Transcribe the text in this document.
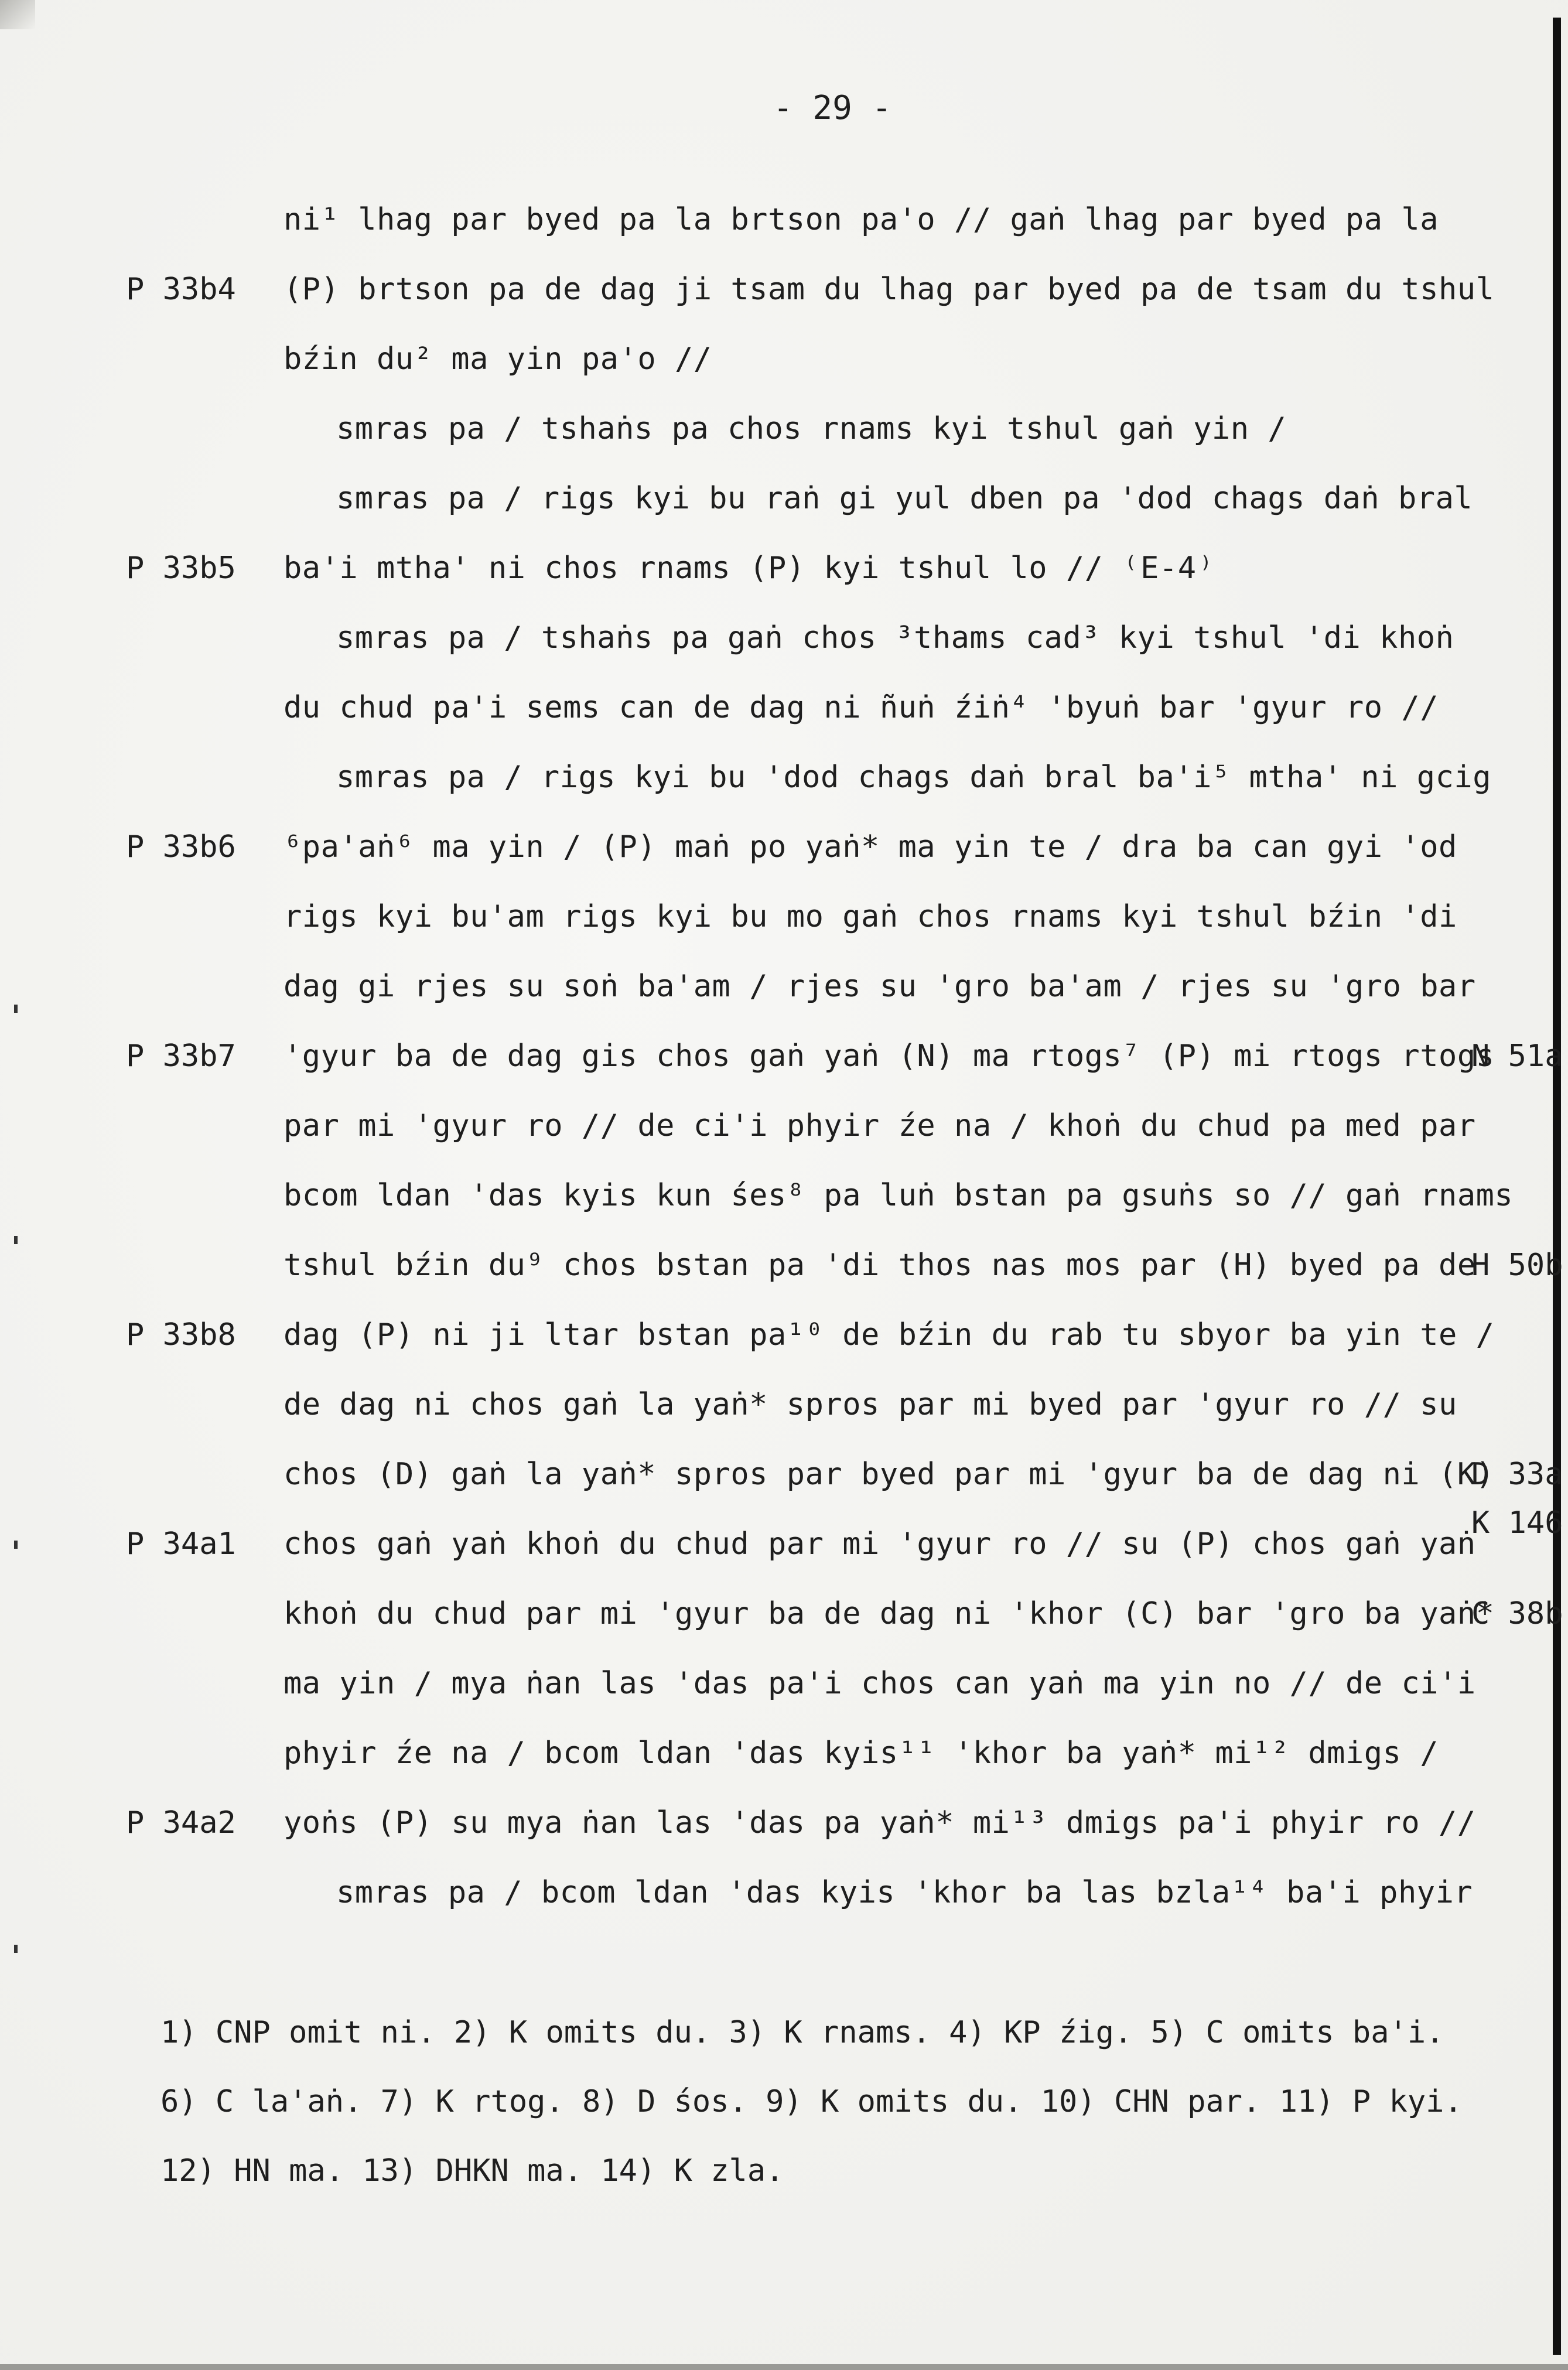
- 29 -
ni¹ lhag par byed pa la brtson pa'o // gaṅ lhag par byed pa la
(P) brtson pa de dag ji tsam du lhag par byed pa de tsam du tshul
bźin du² ma yin pa'o //
smras pa / tshaṅs pa chos rnams kyi tshul gaṅ yin /
smras pa / rigs kyi bu raṅ gi yul dben pa 'dod chags daṅ bral
ba'i mtha' ni chos rnams (P) kyi tshul lo // ⁽E-4⁾
smras pa / tshaṅs pa gaṅ chos ³thams cad³ kyi tshul 'di khoṅ
du chud pa'i sems can de dag ni ñuṅ źiṅ⁴ 'byuṅ bar 'gyur ro //
smras pa / rigs kyi bu 'dod chags daṅ bral ba'i⁵ mtha' ni gcig
⁶pa'aṅ⁶ ma yin / (P) maṅ po yaṅ* ma yin te / dra ba can gyi 'od
rigs kyi bu'am rigs kyi bu mo gaṅ chos rnams kyi tshul bźin 'di
dag gi rjes su soṅ ba'am / rjes su 'gro ba'am / rjes su 'gro bar
'gyur ba de dag gis chos gaṅ yaṅ (N) ma rtogs⁷ (P) mi rtogs rtogs
par mi 'gyur ro // de ci'i phyir źe na / khoṅ du chud pa med par
bcom ldan 'das kyis kun śes⁸ pa luṅ bstan pa gsuṅs so // gaṅ rnams
tshul bźin du⁹ chos bstan pa 'di thos nas mos par (H) byed pa de
dag (P) ni ji ltar bstan pa¹⁰ de bźin du rab tu sbyor ba yin te /
de dag ni chos gaṅ la yaṅ* spros par mi byed par 'gyur ro // su
chos (D) gaṅ la yaṅ* spros par byed par mi 'gyur ba de dag ni (K)
chos gaṅ yaṅ khoṅ du chud par mi 'gyur ro // su (P) chos gaṅ yaṅ
khoṅ du chud par mi 'gyur ba de dag ni 'khor (C) bar 'gro ba yaṅ*
ma yin / mya ṅan las 'das pa'i chos can yaṅ ma yin no // de ci'i
phyir źe na / bcom ldan 'das kyis¹¹ 'khor ba yaṅ* mi¹² dmigs /
yoṅs (P) su mya ṅan las 'das pa yaṅ* mi¹³ dmigs pa'i phyir ro //
smras pa / bcom ldan 'das kyis 'khor ba las bzla¹⁴ ba'i phyir
P 33b4
P 33b5
P 33b6
P 33b7
P 33b8
P 34a1
P 34a2
N 51a
H 50b
D 33a
K 146
C 38b
1) CNP omit ni. 2) K omits du. 3) K rnams. 4) KP źig. 5) C omits ba'i.
6) C la'aṅ. 7) K rtog. 8) D śos. 9) K omits du. 10) CHN par. 11) P kyi.
12) HN ma. 13) DHKN ma. 14) K zla.
